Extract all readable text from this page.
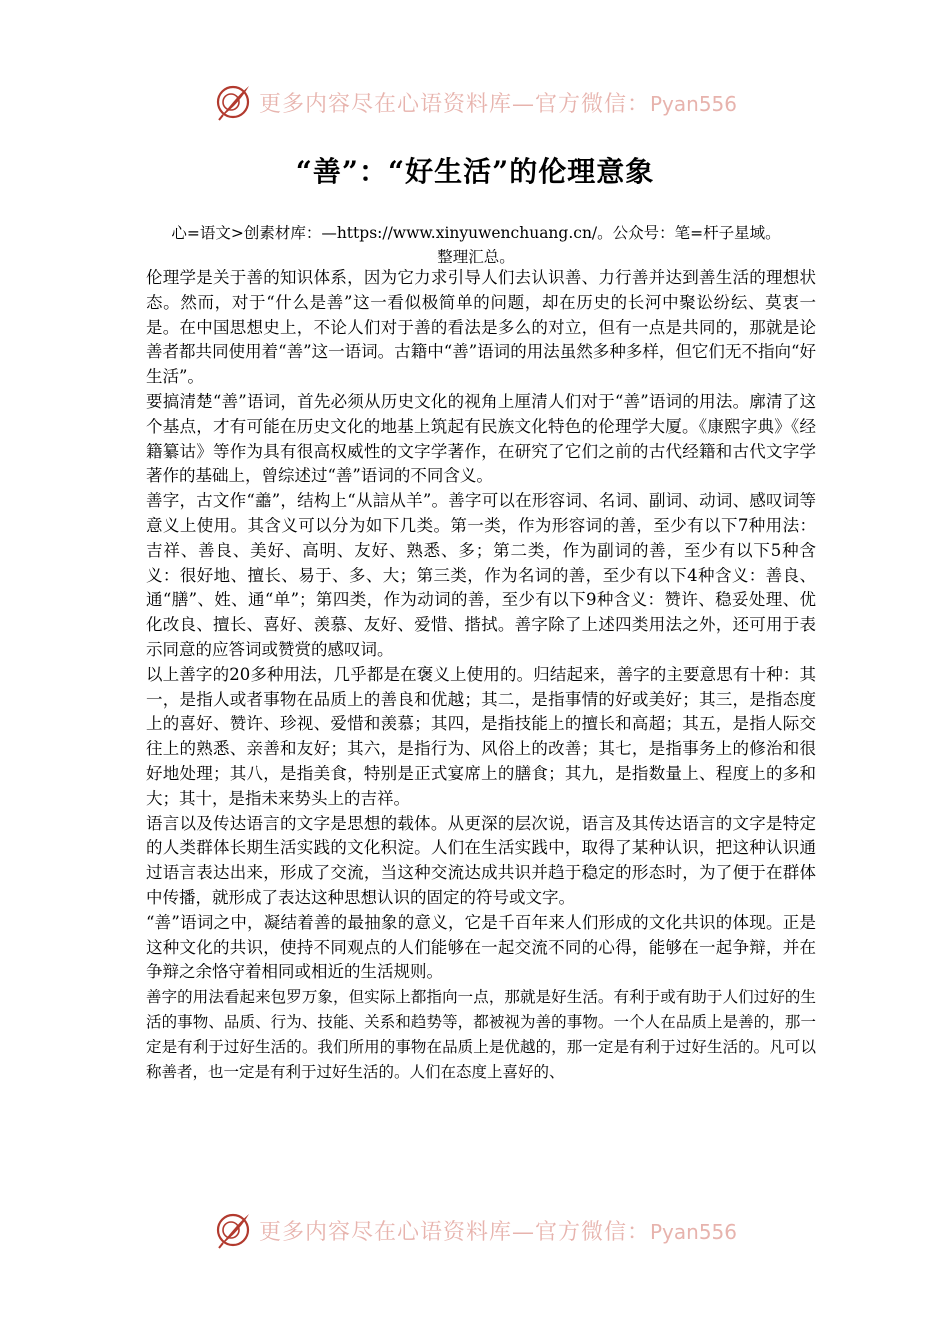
更多内容尽在心语资料库—官方微信：Pyan556
“善”：“好生活”的伦理意象
心=语文>创素材库：—https://www.xinyuwenchuang.cn/。公众号：笔=杆子星域。
整理汇总。

伦理学是关于善的知识体系，因为它力求引导人们去认识善、力行善并达到善生活的理想状态。然而，对于“什么是善”这一看似极简单的问题，却在历史的长河中聚讼纷纭、莫衷一是。在中国思想史上，不论人们对于善的看法是多么的对立，但有一点是共同的，那就是论善者都共同使用着“善”这一语词。古籍中“善”语词的用法虽然多种多样，但它们无不指向“好生活”。

要搞清楚“善”语词，首先必须从历史文化的视角上厘清人们对于“善”语词的用法。廓清了这个基点，才有可能在历史文化的地基上筑起有民族文化特色的伦理学大厦。《康熙字典》《经籍纂诂》等作为具有很高权威性的文字学著作，在研究了它们之前的古代经籍和古代文字学著作的基础上，曾综述过“善”语词的不同含义。

善字，古文作“譱”，结构上“从誩从羊”。善字可以在形容词、名词、副词、动词、感叹词等意义上使用。其含义可以分为如下几类。第一类，作为形容词的善，至少有以下7种用法：吉祥、善良、美好、高明、友好、熟悉、多；第二类，作为副词的善，至少有以下5种含义：很好地、擅长、易于、多、大；第三类，作为名词的善，至少有以下4种含义：善良、通“膳”、姓、通“单”；第四类，作为动词的善，至少有以下9种含义：赞许、稳妥处理、优化改良、擅长、喜好、羡慕、友好、爱惜、揩拭。善字除了上述四类用法之外，还可用于表示同意的应答词或赞赏的感叹词。

以上善字的20多种用法，几乎都是在褒义上使用的。归结起来，善字的主要意思有十种：其一，是指人或者事物在品质上的善良和优越；其二，是指事情的好或美好；其三，是指态度上的喜好、赞许、珍视、爱惜和羡慕；其四，是指技能上的擅长和高超；其五，是指人际交往上的熟悉、亲善和友好；其六，是指行为、风俗上的改善；其七，是指事务上的修治和很好地处理；其八，是指美食，特别是正式宴席上的膳食；其九，是指数量上、程度上的多和大；其十，是指未来势头上的吉祥。

语言以及传达语言的文字是思想的载体。从更深的层次说，语言及其传达语言的文字是特定的人类群体长期生活实践的文化积淀。人们在生活实践中，取得了某种认识，把这种认识通过语言表达出来，形成了交流，当这种交流达成共识并趋于稳定的形态时，为了便于在群体中传播，就形成了表达这种思想认识的固定的符号或文字。

“善”语词之中，凝结着善的最抽象的意义，它是千百年来人们形成的文化共识的体现。正是这种文化的共识，使持不同观点的人们能够在一起交流不同的心得，能够在一起争辩，并在争辩之余恪守着相同或相近的生活规则。

善字的用法看起来包罗万象，但实际上都指向一点，那就是好生活。有利于或有助于人们过好的生活的事物、品质、行为、技能、关系和趋势等，都被视为善的事物。一个人在品质上是善的，那一定是有利于过好生活的。我们所用的事物在品质上是优越的，那一定是有利于过好生活的。凡可以称善者，也一定是有利于过好生活的。人们在态度上喜好的、

更多内容尽在心语资料库—官方微信：Pyan556
